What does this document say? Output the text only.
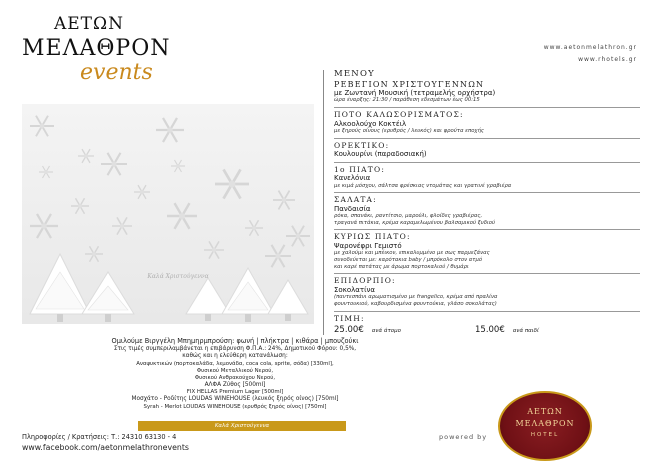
ΑΕΤΩΝ
ΜΕΛΑΘΡΟΝ
events
www.aetonmelathron.gr
www.rhotels.gr
Καλά Χριστούγεννα
ΜΕΝΟΥ
ΡΕΒΕΓΙΟΝ ΧΡΙΣΤΟΥΓΕΝΝΩΝ
με Ζωντανή Μουσική (τετραμελής ορχήστρα)
ώρα έναρξης: 21:30 / παράθεση εδεσμάτων έως 00:15
ΠΟΤΟ ΚΑΛΩΣΟΡΙΣΜΑΤΟΣ:
Αλκοολούχο Κοκτέιλ
με ξηρούς οίνους (ερυθρός / λευκός) και φρούτα εποχής
ΟΡΕΚΤΙΚΟ:
Κουλουρίνι (παραδοσιακή)
1ο ΠΙΑΤΟ:
Κανελόνια
με κιμά μόσχου, σάλτσα φρέσκιας ντομάτας και γρατινέ γραβιέρα
ΣΑΛΑΤΑ:
Πανδαισία
ρόκα, σπανάκι, ραντίτσιο, μαρούλι, φλοίδες γραβιέρας,
τραγανά πιτάκια, κρέμα καραμελωμένου βαλσαμικού ξυδιού
ΚΥΡΙΩΣ ΠΙΑΤΟ:
Ψαρονέφρι Γεμιστό
με χαλούμι και μπέικον, επικαλυμμένο με σως παρμεζάνας
συνοδεύεται με: καρότακια baby / μπρόκολο στον ατμό
και καρέ πατάτας με άρωμα πορτοκαλιού / θυμάρι
ΕΠΙΔΟΡΠΙΟ:
Σοκολατίνα
(παντεσπάνι αρωματισμένο με frangelico, κρέμα από πραλίνα
φουντουκιού, καβουρδισμένα φουντούκια, γλάσο σοκολάτας)
ΤΙΜΗ:
25.00€ ανά άτομο	15.00€ ανά παιδί
Ομιλούμε Βιργγέλη Μπημηρμπρούση: φωνή | πλήκτρα | κιθάρα | μπουζούκι
Στις τιμές συμπεριλαμβάνεται η επιβάρυνση Φ.Π.Α.: 24%, Δημοτικού Φόρου: 0,5%,
καθώς και η ελεύθερη κατανάλωση:
Αναψυκτικών (πορτοκαλάδα, λεμονάδα, coca cola, sprite, σόδα) [330ml],
Φυσικού Μεταλλικού Νερού,
Φυσικού Ανθρακούχου Νερού,
ΑΛΦΑ Ζύθος [500ml]
FIX HELLAS Premium Lager [500ml]
Μοσχάτο - Ροδίτης LOUDAS WINEHOUSE (λευκός ξηρός οίνος) [750ml]
Syrah - Merlot LOUDAS WINEHOUSE (ερυθρός ξηρός οίνος) [750ml]
Καλά Χριστούγεννα
Πληροφορίες / Κρατήσεις: Τ.: 24310 63130 - 4
www.facebook.com/aetonmelathronevents
powered by
ΑΕΤΩΝ
ΜΕΛΑΘΡΟΝ
HOTEL
